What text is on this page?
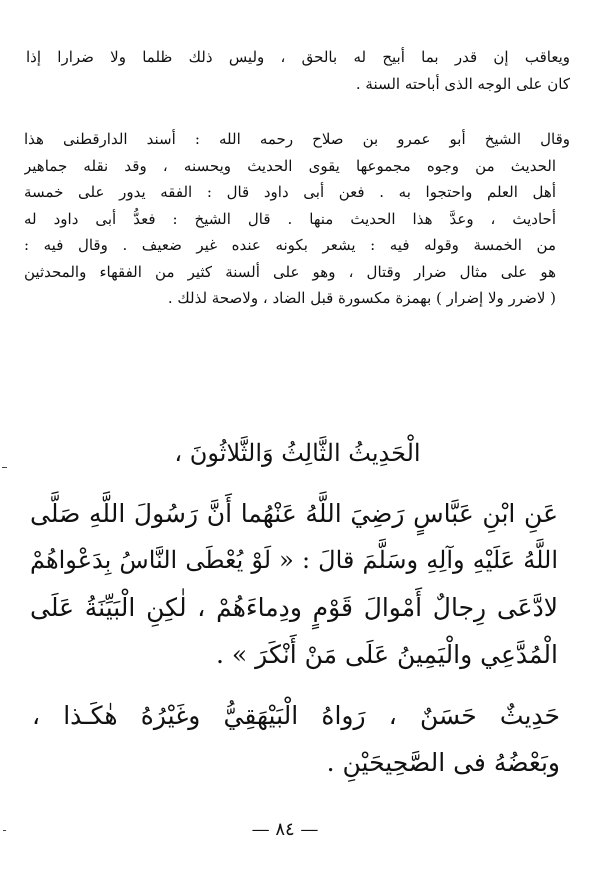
ويعاقب إن قدر بما أبيح له بالحق ، وليس ذلك ظلما ولا ضرارا إذا
كان على الوجه الذى أباحته السنة .
وقال الشيخ أبو عمرو بن صلاح رحمه الله : أسند الدارقطنى هذا
الحديث من وجوه مجموعها يقوى الحديث ويحسنه ، وقد نقله جماهير
أهل العلم واحتجوا به . فعن أبى داود قال : الفقه يدور على خمسة
أحاديث ، وعدَّ هذا الحديث منها . قال الشيخ : فعدُّ أبى داود له
من الخمسة وقوله فيه : يشعر بكونه عنده غير ضعيف . وقال فيه :
هو على مثال ضرار وقتال ، وهو على ألسنة كثير من الفقهاء والمحدثين
( لاضرر ولا إضرار ) بهمزة مكسورة قبل الضاد ، ولاصحة لذلك .
الْحَدِيثُ الثَّالِثُ وَالثَّلاثُونَ ،
عَنِ ابْنِ عَبَّاسٍ رَضِيَ اللَّهُ عَنْهُما أَنَّ رَسُولَ اللَّهِ صَلَّى
اللَّهُ عَلَيْهِ وآلِهِ وسَلَّمَ قالَ : « لَوْ يُعْطَى النَّاسُ بِدَعْواهُمْ
لادَّعَى رِجالٌ أَمْوالَ قَوْمٍ ودِماءَهُمْ ، لٰكِنِ الْبَيِّنَةُ عَلَى
الْمُدَّعِي والْيَمِينُ عَلَى مَنْ أَنْكَرَ » .
حَدِيثٌ حَسَنٌ ، رَواهُ الْبَيْهَقِيُّ وغَيْرُهُ هٰكَـذا ،
وبَعْضُهُ فى الصَّحِيحَيْنِ .
— ٨٤ —
